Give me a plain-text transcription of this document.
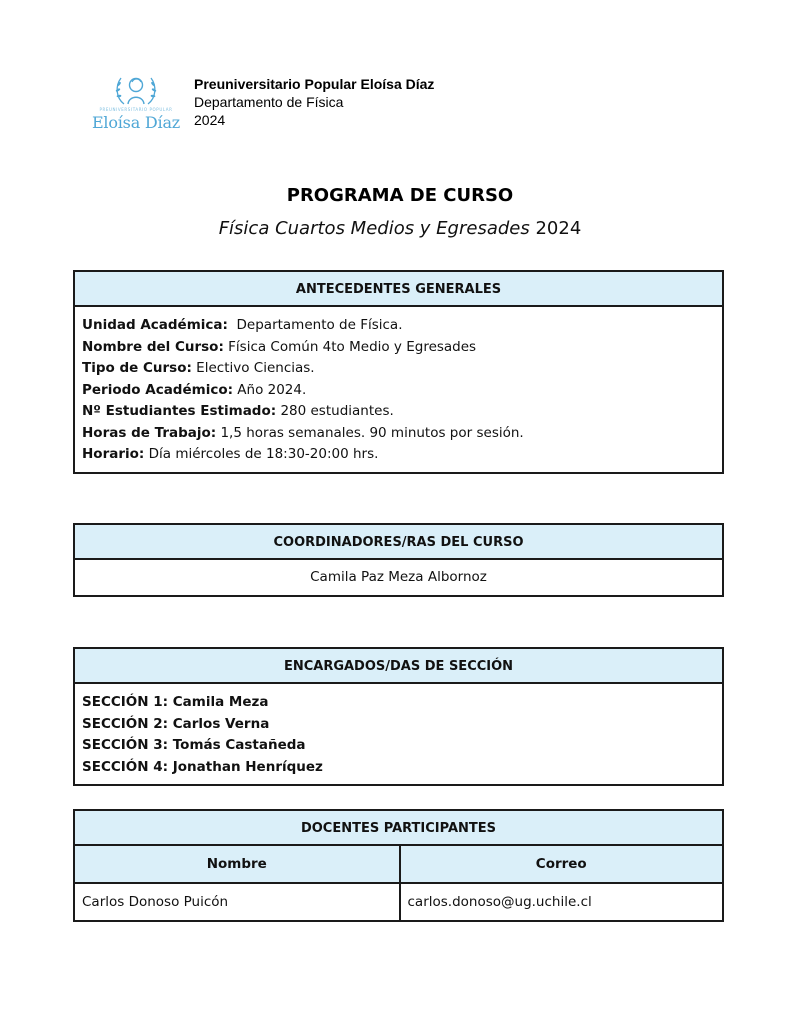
PREUNIVERSITARIO POPULAR
Eloísa Díaz
Preuniversitario Popular Eloísa Díaz
Departamento de Física
2024
PROGRAMA DE CURSO
Física Cuartos Medios y Egresades 2024
ANTECEDENTES GENERALES
Unidad Académica:  Departamento de Física.
Nombre del Curso: Física Común 4to Medio y Egresades
Tipo de Curso: Electivo Ciencias.
Periodo Académico: Año 2024.
Nº Estudiantes Estimado: 280 estudiantes.
Horas de Trabajo: 1,5 horas semanales. 90 minutos por sesión.
Horario: Día miércoles de 18:30-20:00 hrs.
COORDINADORES/RAS DEL CURSO
Camila Paz Meza Albornoz
ENCARGADOS/DAS DE SECCIÓN
SECCIÓN 1: Camila Meza
SECCIÓN 2: Carlos Verna
SECCIÓN 3: Tomás Castañeda
SECCIÓN 4: Jonathan Henríquez
DOCENTES PARTICIPANTES
Nombre	Correo
Carlos Donoso Puicón	carlos.donoso@ug.uchile.cl
